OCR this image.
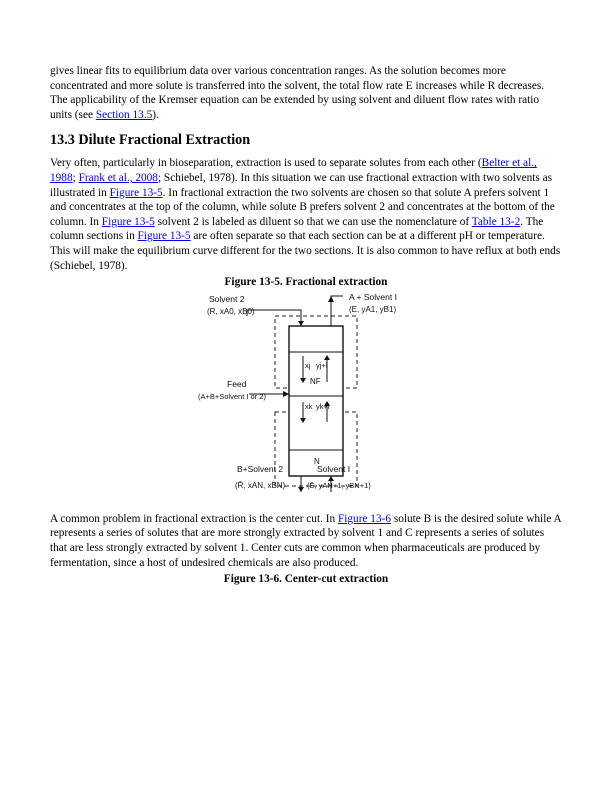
gives linear fits to equilibrium data over various concentration ranges. As the solution becomes more concentrated and more solute is transferred into the solvent, the total flow rate E increases while R decreases. The applicability of the Kremser equation can be extended by using solvent and diluent flow rates with ratio units (see Section 13.5).

13.3 Dilute Fractional Extraction

Very often, particularly in bioseparation, extraction is used to separate solutes from each other (Belter et al., 1988; Frank et al., 2008; Schiebel, 1978). In this situation we can use fractional extraction with two solvents as illustrated in Figure 13-5. In fractional extraction the two solvents are chosen so that solute A prefers solvent 1 and concentrates at the top of the column, while solute B prefers solvent 2 and concentrates at the bottom of the column. In Figure 13-5 solvent 2 is labeled as diluent so that we can use the nomenclature of Table 13-2. The column sections in Figure 13-5 are often separate so that each section can be at a different pH or temperature. This will make the equilibrium curve different for the two sections. It is also common to have reflux at both ends (Schiebel, 1978).

Figure 13-5. Fractional extraction

Solvent 2
(R, xA0, xB0)
A + Solvent I
(E, yA1, yB1)
xj yj+l
NF
xk yk+l
N
Feed
(A+B+Solvent I or 2)
B+Solvent 2
(R̄, xAN, xBN)
Solvent I
(Ē, yAN+1, yBN+1)

A common problem in fractional extraction is the center cut. In Figure 13-6 solute B is the desired solute while A represents a series of solutes that are more strongly extracted by solvent 1 and C represents a series of solutes that are less strongly extracted by solvent 1. Center cuts are common when pharmaceuticals are produced by fermentation, since a host of undesired chemicals are also produced.

Figure 13-6. Center-cut extraction
